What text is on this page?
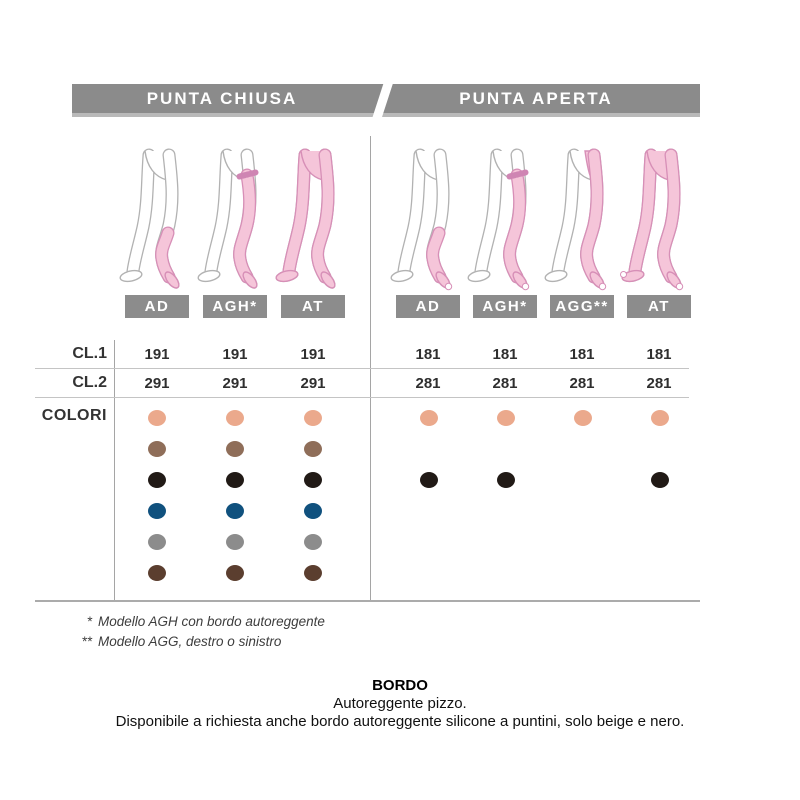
PUNTA CHIUSA	PUNTA APERTA
AD	AGH*	AT	AD	AGH*	AGG**	AT
CL.1	191	191	191	181	181	181	181
CL.2	291	291	291	281	281	281	281
COLORI
* Modello AGH con bordo autoreggente
** Modello AGG, destro o sinistro
BORDO
Autoreggente pizzo.
Disponibile a richiesta anche bordo autoreggente silicone a puntini, solo beige e nero.
